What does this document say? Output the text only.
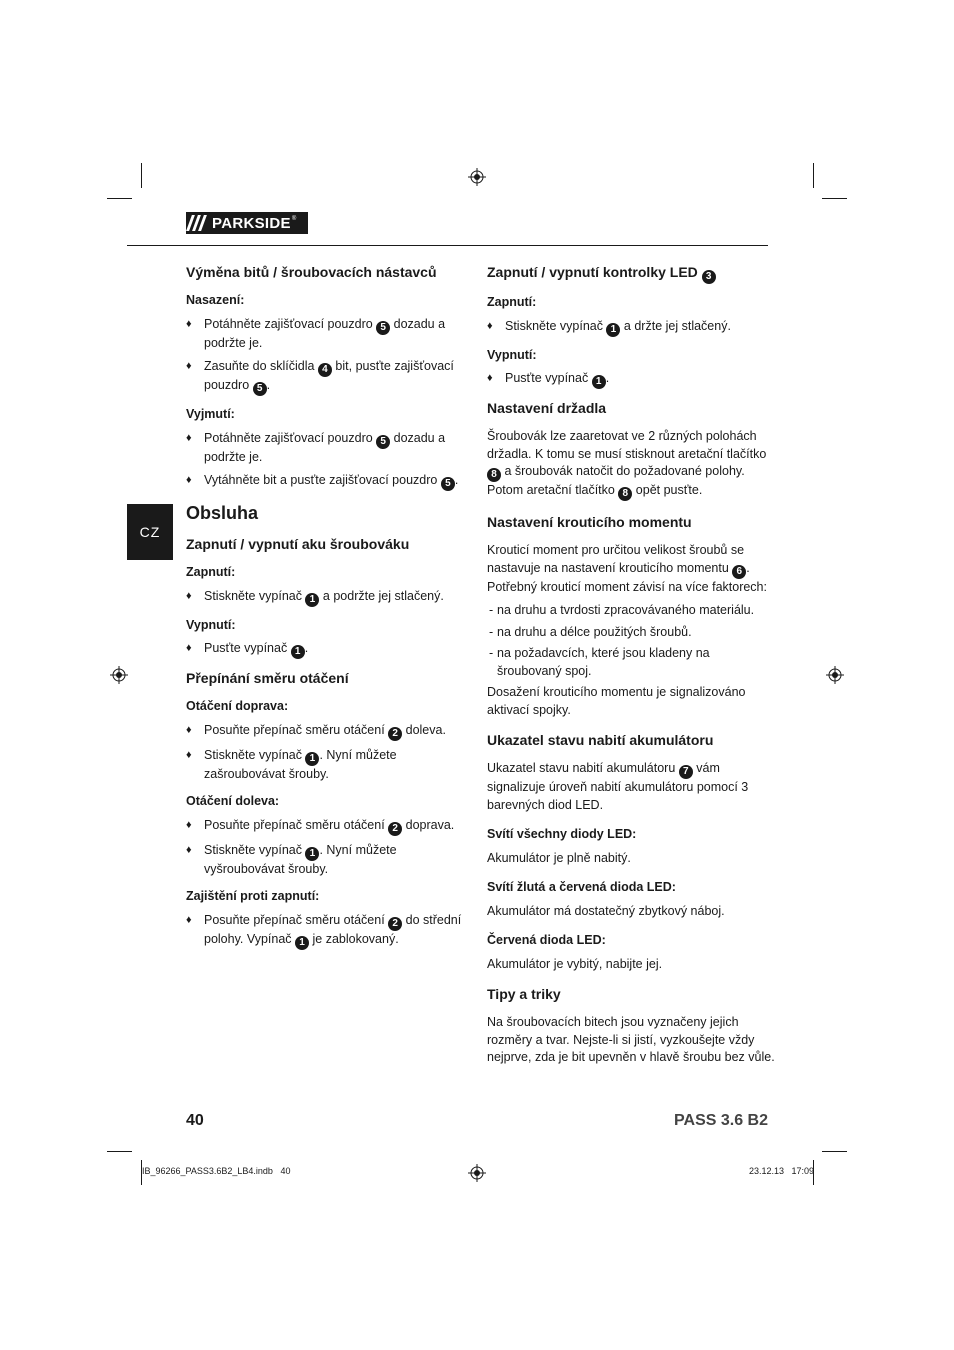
PARKSIDE ®
CZ
Výměna bitů / šroubovacích nástavců
Nasazení:
♦ Potáhněte zajišťovací pouzdro 5 dozadu a podržte je.
♦ Zasuňte do sklíčidla 4 bit, pusťte zajišťovací pouzdro 5 .
Vyjmutí:
♦ Potáhněte zajišťovací pouzdro 5 dozadu a podržte je.
♦ Vytáhněte bit a pusťte zajišťovací pouzdro 5 .
Obsluha
Zapnutí / vypnutí aku šroubováku
Zapnutí:
♦ Stiskněte vypínač 1 a podržte jej stlačený.
Vypnutí:
♦ Pusťte vypínač 1 .
Přepínání směru otáčení
Otáčení doprava:
♦ Posuňte přepínač směru otáčení 2 doleva.
♦ Stiskněte vypínač 1 . Nyní můžete zašroubovávat šrouby.
Otáčení doleva:
♦ Posuňte přepínač směru otáčení 2 doprava.
♦ Stiskněte vypínač 1 . Nyní můžete vyšroubovávat šrouby.
Zajištění proti zapnutí:
♦ Posuňte přepínač směru otáčení 2 do střední polohy. Vypínač 1 je zablokovaný.
Zapnutí / vypnutí kontrolky LED 3
Zapnutí:
♦ Stiskněte vypínač 1 a držte jej stlačený.
Vypnutí:
♦ Pusťte vypínač 1 .
Nastavení držadla

Šroubovák lze zaaretovat ve 2 různých polohách držadla. K tomu se musí stisknout aretační tlačítko 8 a šroubovák natočit do požadované polohy. Potom aretační tlačítko 8 opět pusťte.

Nastavení krouticího momentu

Krouticí moment pro určitou velikost šroubů se nastavuje na nastavení krouticího momentu 6 . Potřebný krouticí moment závisí na více faktorech:

- na druhu a tvrdosti zpracovávaného materiálu.
- na druhu a délce použitých šroubů.
- na požadavcích, které jsou kladeny na šroubovaný spoj.

Dosažení krouticího momentu je signalizováno aktivací spojky.

Ukazatel stavu nabití akumulátoru

Ukazatel stavu nabití akumulátoru 7 vám signalizuje úroveň nabití akumulátoru pomocí 3 barevných diod LED.

Svítí všechny diody LED:

Akumulátor je plně nabitý.

Svítí žlutá a červená dioda LED:

Akumulátor má dostatečný zbytkový náboj.

Červená dioda LED:

Akumulátor je vybitý, nabijte jej.

Tipy a triky

Na šroubovacích bitech jsou vyznačeny jejich rozměry a tvar. Nejste-li si jistí, vyzkoušejte vždy nejprve, zda je bit upevněn v hlavě šroubu bez vůle.

40	PASS 3.6 B2
IB_96266_PASS3.6B2_LB4.indb   40	23.12.13   17:09
